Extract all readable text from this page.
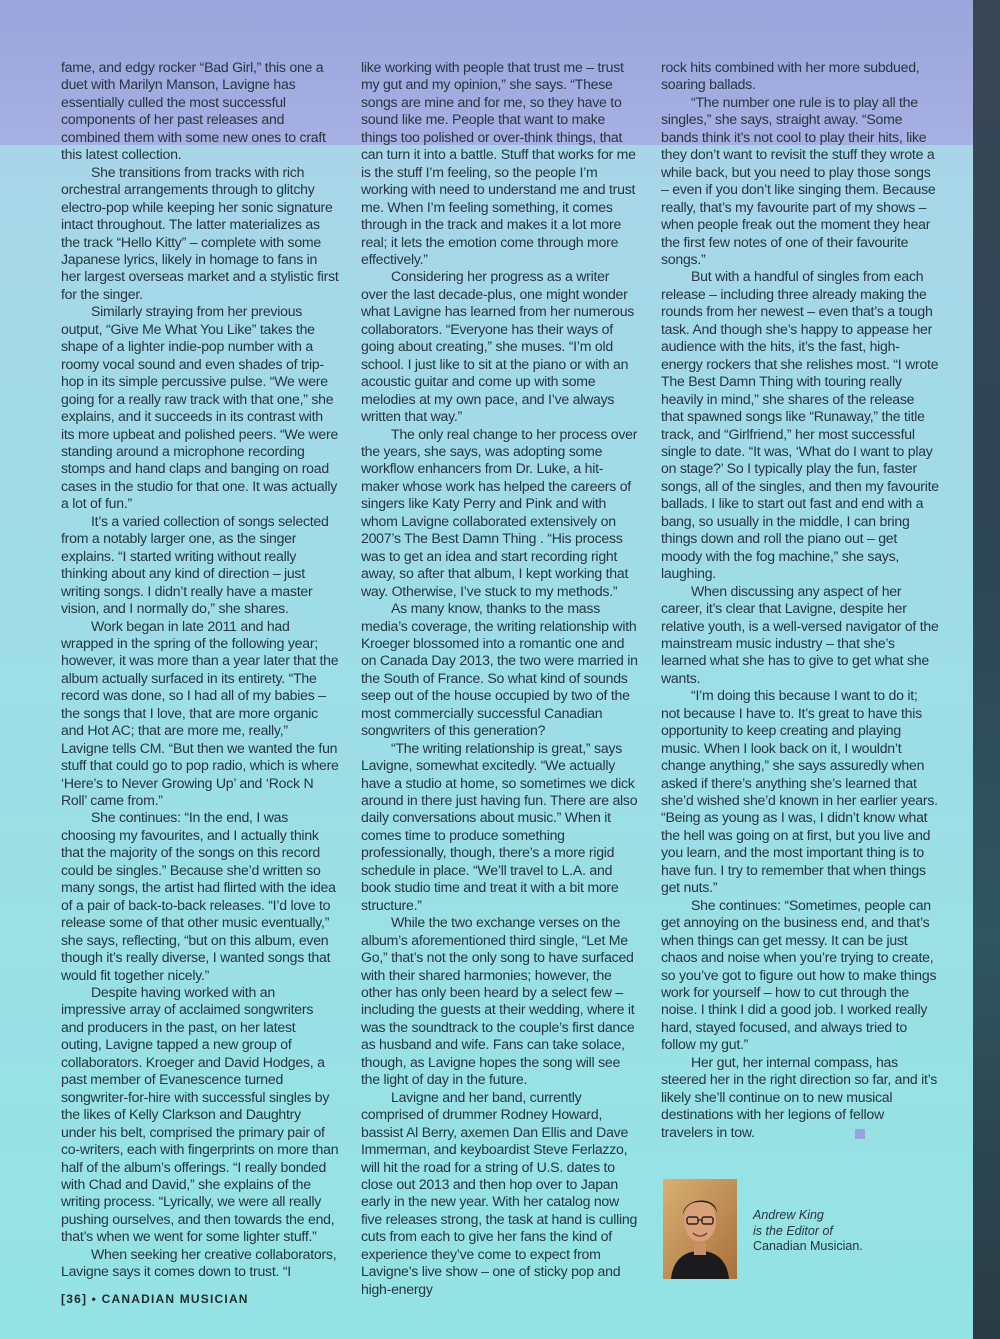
fame, and edgy rocker “Bad Girl,” this one a duet with Marilyn Manson, Lavigne has essentially culled the most successful components of her past releases and combined them with some new ones to craft this latest collection.

She transitions from tracks with rich orchestral arrangements through to glitchy electro-pop while keeping her sonic signature intact throughout. The latter materializes as the track “Hello Kitty” – complete with some Japanese lyrics, likely in homage to fans in her largest overseas market and a stylistic first for the singer.

Similarly straying from her previous output, “Give Me What You Like” takes the shape of a lighter indie-pop number with a roomy vocal sound and even shades of trip-hop in its simple percussive pulse. “We were going for a really raw track with that one,” she explains, and it succeeds in its contrast with its more upbeat and polished peers. “We were standing around a microphone recording stomps and hand claps and banging on road cases in the studio for that one. It was actually a lot of fun.”

It’s a varied collection of songs selected from a notably larger one, as the singer explains. “I started writing without really thinking about any kind of direction – just writing songs. I didn’t really have a master vision, and I normally do,” she shares.

Work began in late 2011 and had wrapped in the spring of the following year; however, it was more than a year later that the album actually surfaced in its entirety. “The record was done, so I had all of my babies – the songs that I love, that are more organic and Hot AC; that are more me, really,” Lavigne tells CM. “But then we wanted the fun stuff that could go to pop radio, which is where ‘Here’s to Never Growing Up’ and ‘Rock N Roll’ came from.”

She continues: “In the end, I was choosing my favourites, and I actually think that the majority of the songs on this record could be singles.” Because she’d written so many songs, the artist had flirted with the idea of a pair of back-to-back releases. “I’d love to release some of that other music eventually,” she says, reflecting, “but on this album, even though it’s really diverse, I wanted songs that would fit together nicely.”

Despite having worked with an impressive array of acclaimed songwriters and producers in the past, on her latest outing, Lavigne tapped a new group of collaborators. Kroeger and David Hodges, a past member of Evanescence turned songwriter-for-hire with successful singles by the likes of Kelly Clarkson and Daughtry under his belt, comprised the primary pair of co-writers, each with fingerprints on more than half of the album’s offerings. “I really bonded with Chad and David,” she explains of the writing process. “Lyrically, we were all really pushing ourselves, and then towards the end, that’s when we went for some lighter stuff.”

When seeking her creative collaborators, Lavigne says it comes down to trust. “I

like working with people that trust me – trust my gut and my opinion,” she says. “These songs are mine and for me, so they have to sound like me. People that want to make things too polished or over-think things, that can turn it into a battle. Stuff that works for me is the stuff I’m feeling, so the people I’m working with need to understand me and trust me. When I’m feeling something, it comes through in the track and makes it a lot more real; it lets the emotion come through more effectively.”

Considering her progress as a writer over the last decade-plus, one might wonder what Lavigne has learned from her numerous collaborators. “Everyone has their ways of going about creating,” she muses. “I’m old school. I just like to sit at the piano or with an acoustic guitar and come up with some melodies at my own pace, and I’ve always written that way.”

The only real change to her process over the years, she says, was adopting some workflow enhancers from Dr. Luke, a hit-maker whose work has helped the careers of singers like Katy Perry and Pink and with whom Lavigne collaborated extensively on 2007’s The Best Damn Thing . “His process was to get an idea and start recording right away, so after that album, I kept working that way. Otherwise, I’ve stuck to my methods.”

As many know, thanks to the mass media’s coverage, the writing relationship with Kroeger blossomed into a romantic one and on Canada Day 2013, the two were married in the South of France. So what kind of sounds seep out of the house occupied by two of the most commercially successful Canadian songwriters of this generation?

“The writing relationship is great,” says Lavigne, somewhat excitedly. “We actually have a studio at home, so sometimes we dick around in there just having fun. There are also daily conversations about music.” When it comes time to produce something professionally, though, there’s a more rigid schedule in place. “We’ll travel to L.A. and book studio time and treat it with a bit more structure.”

While the two exchange verses on the album’s aforementioned third single, “Let Me Go,” that’s not the only song to have surfaced with their shared harmonies; however, the other has only been heard by a select few – including the guests at their wedding, where it was the soundtrack to the couple’s first dance as husband and wife. Fans can take solace, though, as Lavigne hopes the song will see the light of day in the future.

Lavigne and her band, currently comprised of drummer Rodney Howard, bassist Al Berry, axemen Dan Ellis and Dave Immerman, and keyboardist Steve Ferlazzo, will hit the road for a string of U.S. dates to close out 2013 and then hop over to Japan early in the new year. With her catalog now five releases strong, the task at hand is culling cuts from each to give her fans the kind of experience they’ve come to expect from Lavigne’s live show – one of sticky pop and high-energy

rock hits combined with her more subdued, soaring ballads.

“The number one rule is to play all the singles,” she says, straight away. “Some bands think it’s not cool to play their hits, like they don’t want to revisit the stuff they wrote a while back, but you need to play those songs – even if you don’t like singing them. Because really, that’s my favourite part of my shows – when people freak out the moment they hear the first few notes of one of their favourite songs.”

But with a handful of singles from each release – including three already making the rounds from her newest – even that’s a tough task. And though she’s happy to appease her audience with the hits, it’s the fast, high-energy rockers that she relishes most. “I wrote The Best Damn Thing with touring really heavily in mind,” she shares of the release that spawned songs like “Runaway,” the title track, and “Girlfriend,” her most successful single to date. “It was, ‘What do I want to play on stage?’ So I typically play the fun, faster songs, all of the singles, and then my favourite ballads. I like to start out fast and end with a bang, so usually in the middle, I can bring things down and roll the piano out – get moody with the fog machine,” she says, laughing.

When discussing any aspect of her career, it’s clear that Lavigne, despite her relative youth, is a well-versed navigator of the mainstream music industry – that she’s learned what she has to give to get what she wants.

“I’m doing this because I want to do it; not because I have to. It’s great to have this opportunity to keep creating and playing music. When I look back on it, I wouldn’t change anything,” she says assuredly when asked if there’s anything she’s learned that she’d wished she’d known in her earlier years. “Being as young as I was, I didn’t know what the hell was going on at first, but you live and you learn, and the most important thing is to have fun. I try to remember that when things get nuts.”

She continues: “Sometimes, people can get annoying on the business end, and that’s when things can get messy. It can be just chaos and noise when you’re trying to create, so you’ve got to figure out how to make things work for yourself – how to cut through the noise. I think I did a good job. I worked really hard, stayed focused, and always tried to follow my gut.”

Her gut, her internal compass, has steered her in the right direction so far, and it’s likely she’ll continue on to new musical destinations with her legions of fellow travelers in tow.

Andrew King
is the Editor of
Canadian Musician.
[36] • CANADIAN MUSICIAN
